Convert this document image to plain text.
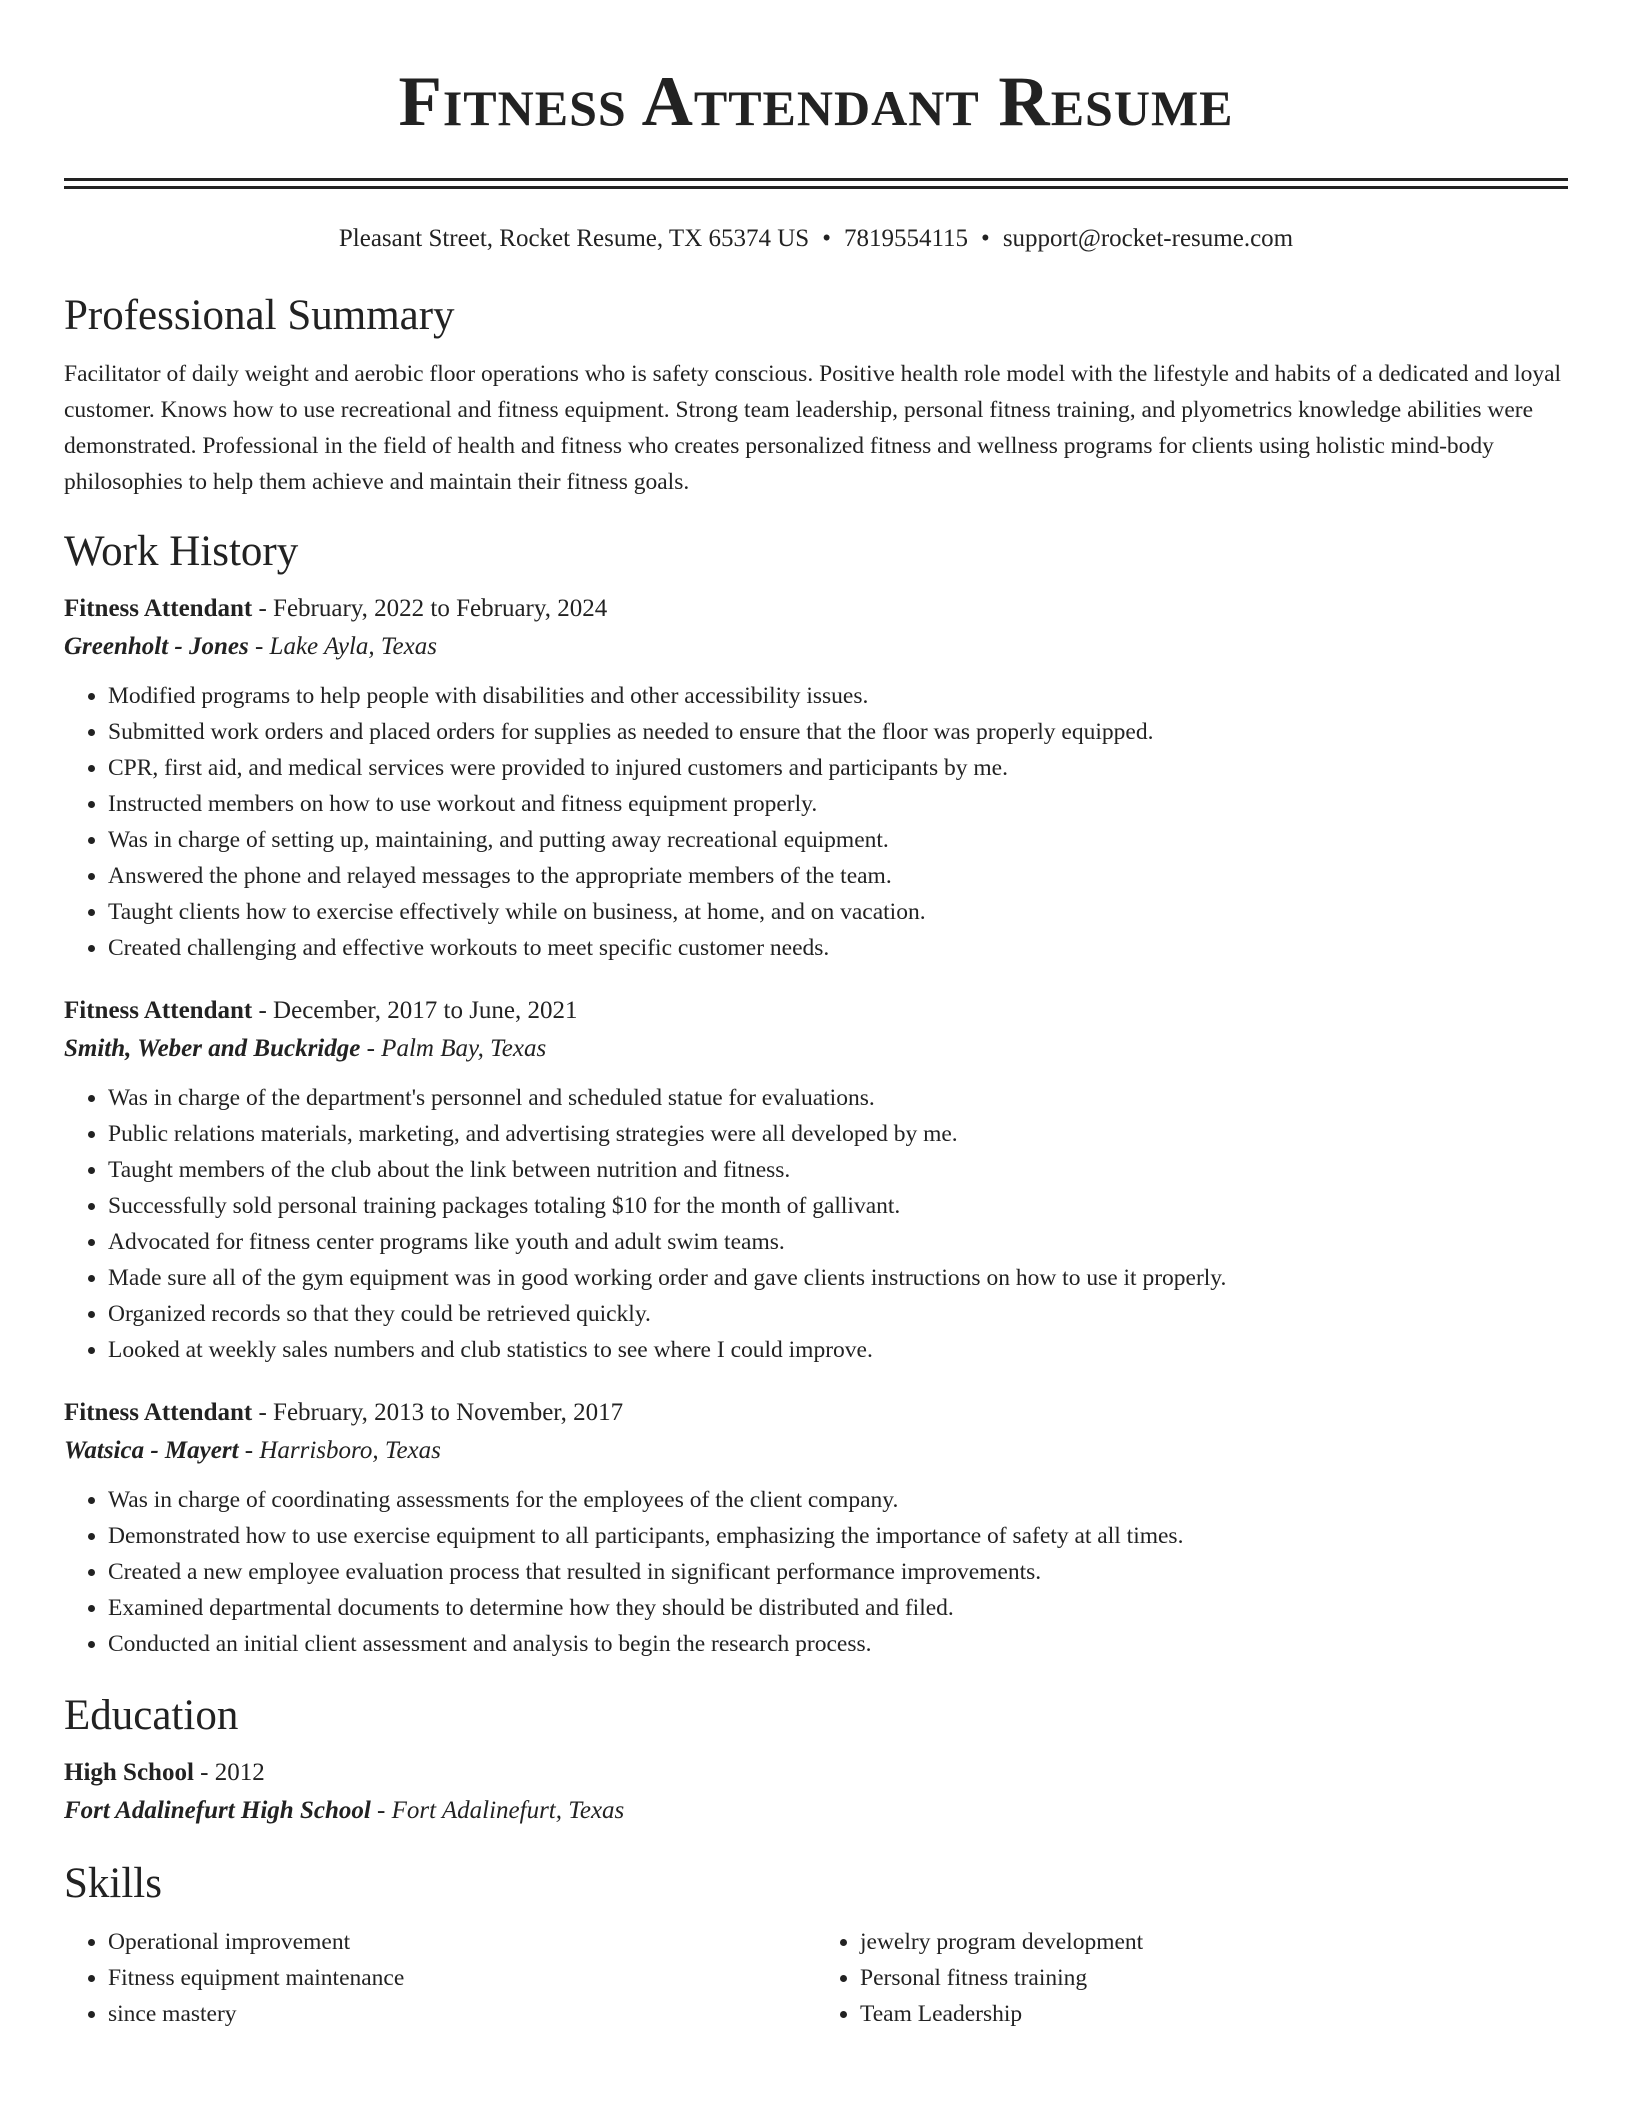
Fitness Attendant Resume
Pleasant Street, Rocket Resume, TX 65374 US • 7819554115 • support@rocket-resume.com
Professional Summary

Facilitator of daily weight and aerobic floor operations who is safety conscious. Positive health role model with the lifestyle and habits of a dedicated and loyal customer. Knows how to use recreational and fitness equipment. Strong team leadership, personal fitness training, and plyometrics knowledge abilities were demonstrated. Professional in the field of health and fitness who creates personalized fitness and wellness programs for clients using holistic mind-body philosophies to help them achieve and maintain their fitness goals.

Work History
Fitness Attendant - February, 2022 to February, 2024
Greenholt - Jones - Lake Ayla, Texas
• Modified programs to help people with disabilities and other accessibility issues.
• Submitted work orders and placed orders for supplies as needed to ensure that the floor was properly equipped.
• CPR, first aid, and medical services were provided to injured customers and participants by me.
• Instructed members on how to use workout and fitness equipment properly.
• Was in charge of setting up, maintaining, and putting away recreational equipment.
• Answered the phone and relayed messages to the appropriate members of the team.
• Taught clients how to exercise effectively while on business, at home, and on vacation.
• Created challenging and effective workouts to meet specific customer needs.
Fitness Attendant - December, 2017 to June, 2021
Smith, Weber and Buckridge - Palm Bay, Texas
• Was in charge of the department's personnel and scheduled statue for evaluations.
• Public relations materials, marketing, and advertising strategies were all developed by me.
• Taught members of the club about the link between nutrition and fitness.
• Successfully sold personal training packages totaling $10 for the month of gallivant.
• Advocated for fitness center programs like youth and adult swim teams.
• Made sure all of the gym equipment was in good working order and gave clients instructions on how to use it properly.
• Organized records so that they could be retrieved quickly.
• Looked at weekly sales numbers and club statistics to see where I could improve.
Fitness Attendant - February, 2013 to November, 2017
Watsica - Mayert - Harrisboro, Texas
• Was in charge of coordinating assessments for the employees of the client company.
• Demonstrated how to use exercise equipment to all participants, emphasizing the importance of safety at all times.
• Created a new employee evaluation process that resulted in significant performance improvements.
• Examined departmental documents to determine how they should be distributed and filed.
• Conducted an initial client assessment and analysis to begin the research process.
Education
High School - 2012
Fort Adalinefurt High School - Fort Adalinefurt, Texas
Skills
• Operational improvement
• Fitness equipment maintenance
• since mastery
• jewelry program development
• Personal fitness training
• Team Leadership
